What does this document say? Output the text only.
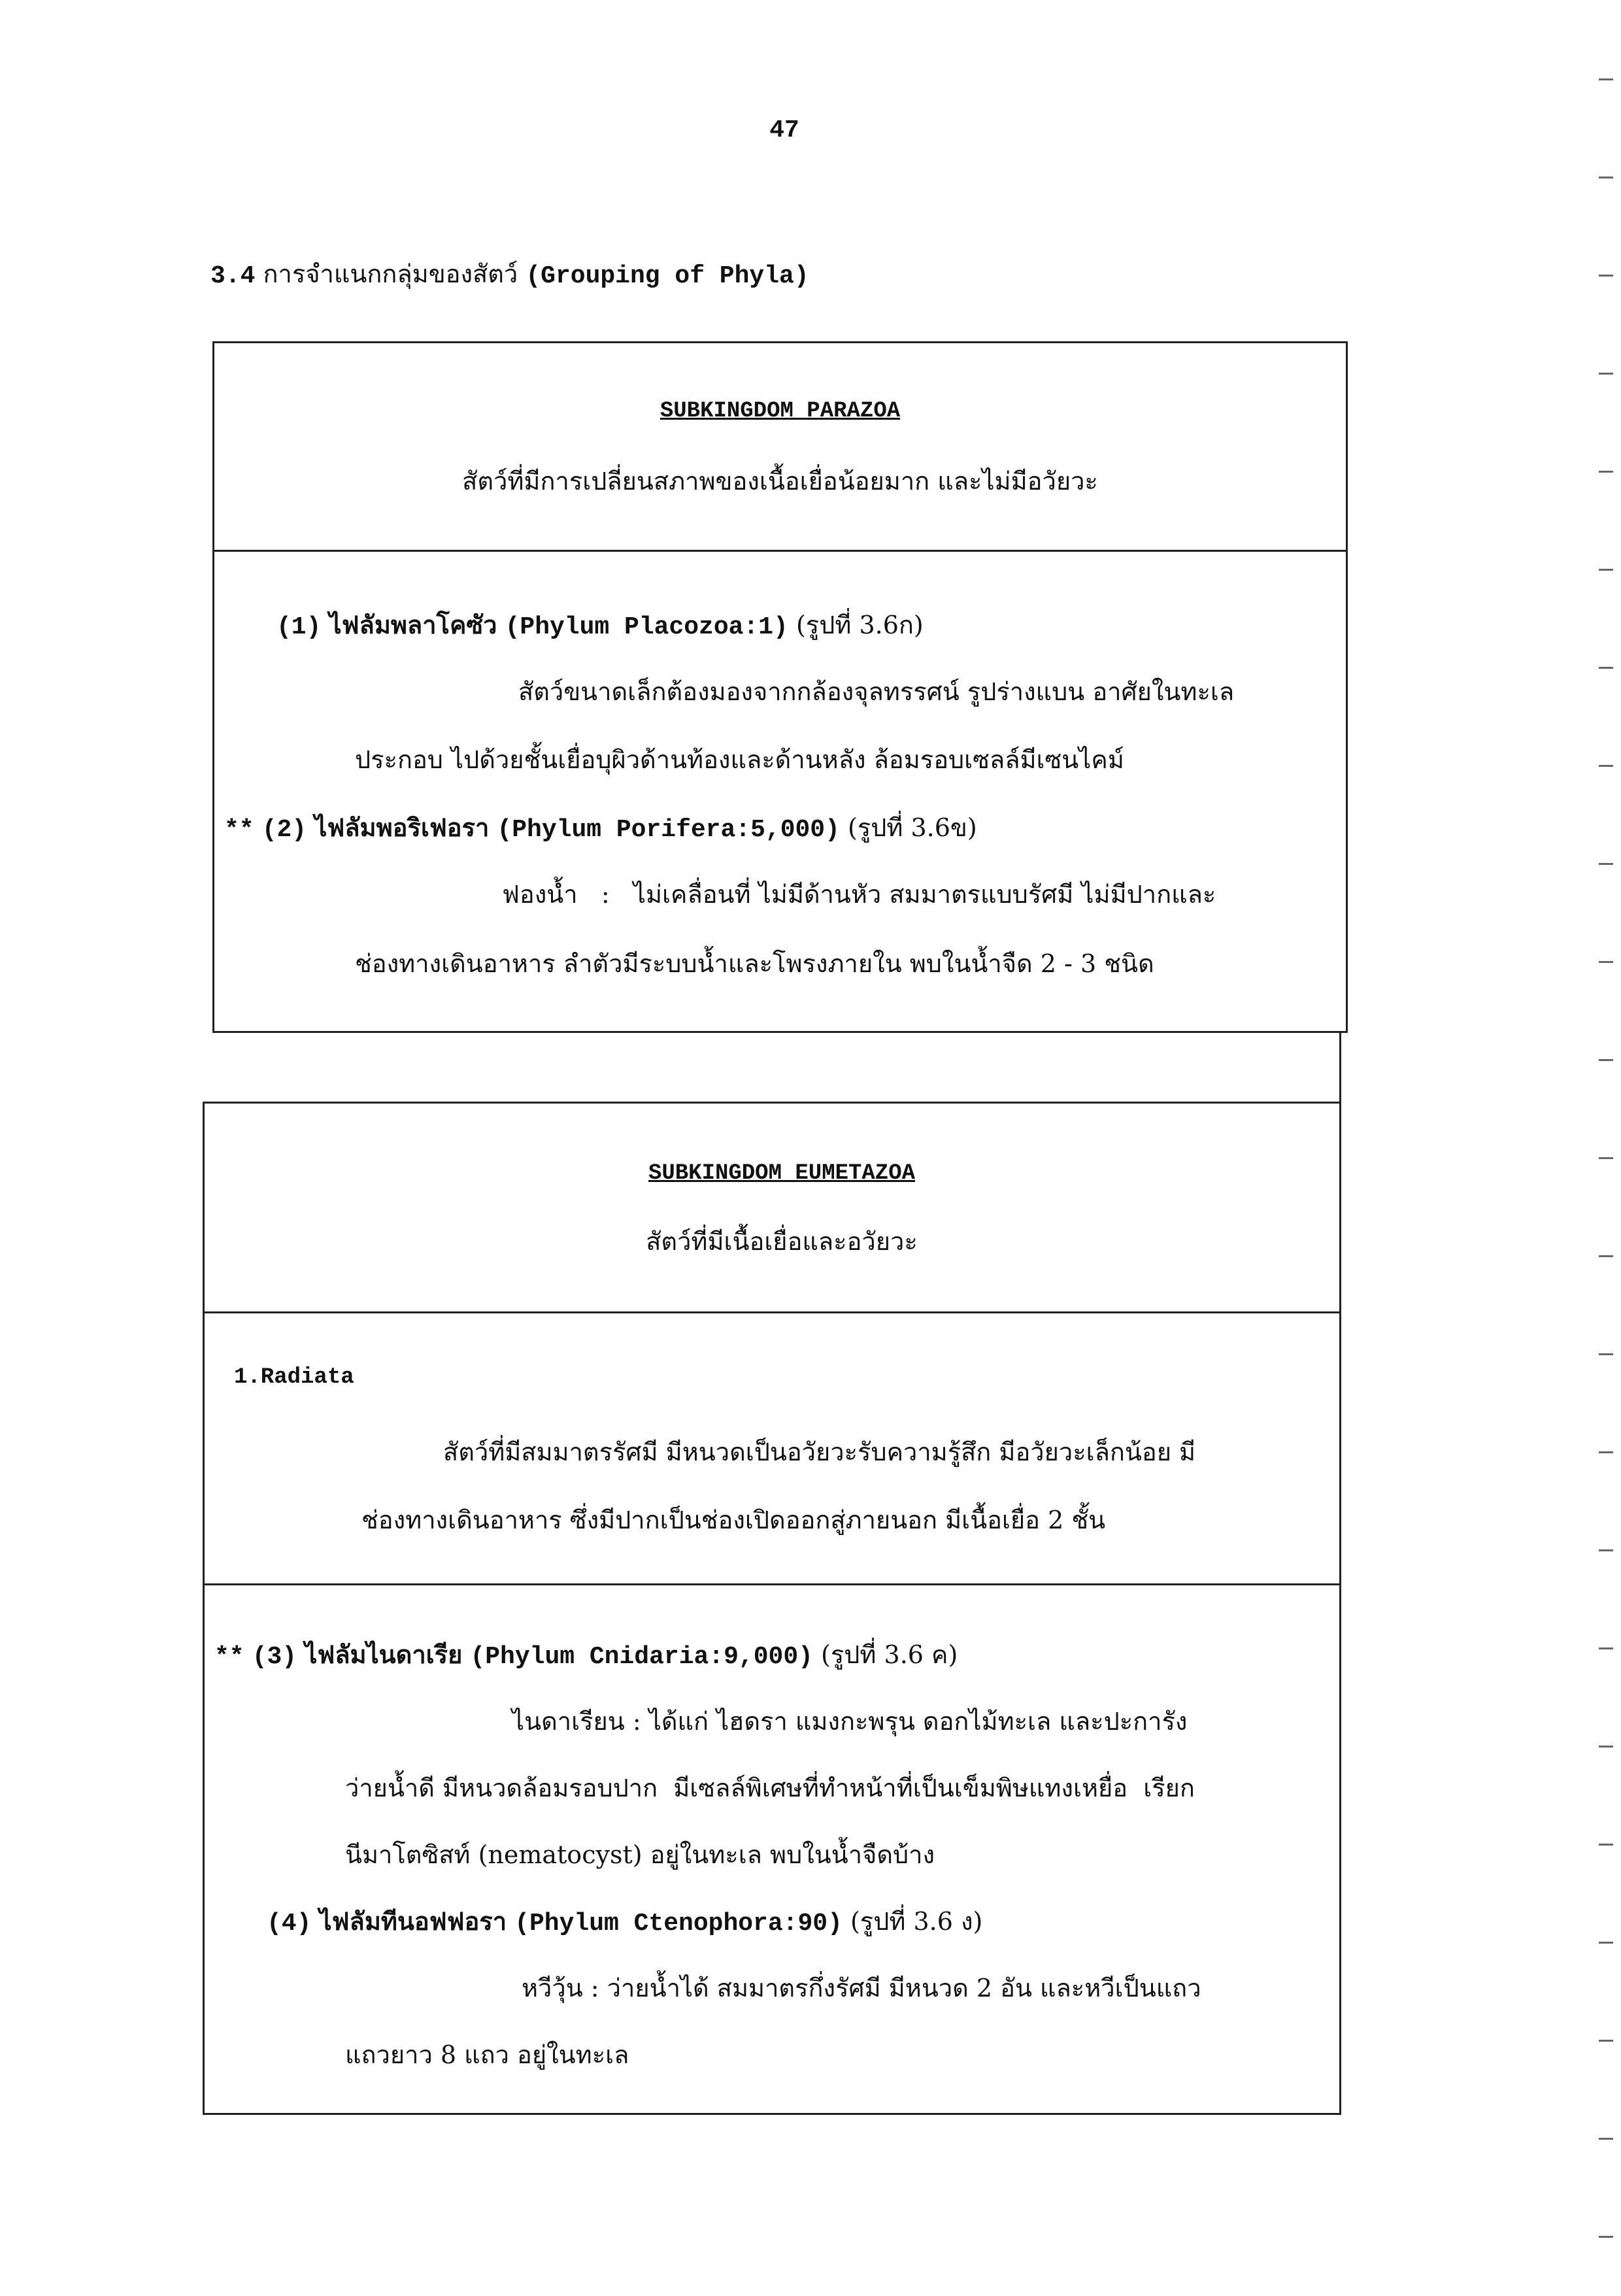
47
3.4 การจำแนกกลุ่มของสัตว์ (Grouping of Phyla)
SUBKINGDOM PARAZOA
สัตว์ที่มีการเปลี่ยนสภาพของเนื้อเยื่อน้อยมาก และไม่มีอวัยวะ
(1) ไฟลัมพลาโคซัว (Phylum Placozoa:1) (รูปที่ 3.6ก)
สัตว์ขนาดเล็กต้องมองจากกล้องจุลทรรศน์ รูปร่างแบน อาศัยในทะเล
ประกอบ ไปด้วยชั้นเยื่อบุผิวด้านท้องและด้านหลัง ล้อมรอบเซลล์มีเซนไคม์
** (2) ไฟลัมพอริเฟอรา (Phylum Porifera:5,000) (รูปที่ 3.6ข)
ฟองน้ำ   :   ไม่เคลื่อนที่ ไม่มีด้านหัว สมมาตรแบบรัศมี ไม่มีปากและ
ช่องทางเดินอาหาร ลำตัวมีระบบน้ำและโพรงภายใน พบในน้ำจืด 2 - 3 ชนิด
SUBKINGDOM EUMETAZOA
สัตว์ที่มีเนื้อเยื่อและอวัยวะ
1.Radiata
สัตว์ที่มีสมมาตรรัศมี มีหนวดเป็นอวัยวะรับความรู้สึก มีอวัยวะเล็กน้อย มี
ช่องทางเดินอาหาร ซึ่งมีปากเป็นช่องเปิดออกสู่ภายนอก มีเนื้อเยื่อ 2 ชั้น
** (3) ไฟลัมไนดาเรีย (Phylum Cnidaria:9,000) (รูปที่ 3.6 ค)
ไนดาเรียน : ได้แก่ ไฮดรา แมงกะพรุน ดอกไม้ทะเล และปะการัง
ว่ายน้ำดี มีหนวดล้อมรอบปาก  มีเซลล์พิเศษที่ทำหน้าที่เป็นเข็มพิษแทงเหยื่อ  เรียก
นีมาโตซิสท์ (nematocyst) อยู่ในทะเล พบในน้ำจืดบ้าง
(4) ไฟลัมทีนอฟฟอรา (Phylum Ctenophora:90) (รูปที่ 3.6 ง)
หวีวุ้น : ว่ายน้ำได้ สมมาตรกึ่งรัศมี มีหนวด 2 อัน และหวีเป็นแถว
แถวยาว 8 แถว อยู่ในทะเล
